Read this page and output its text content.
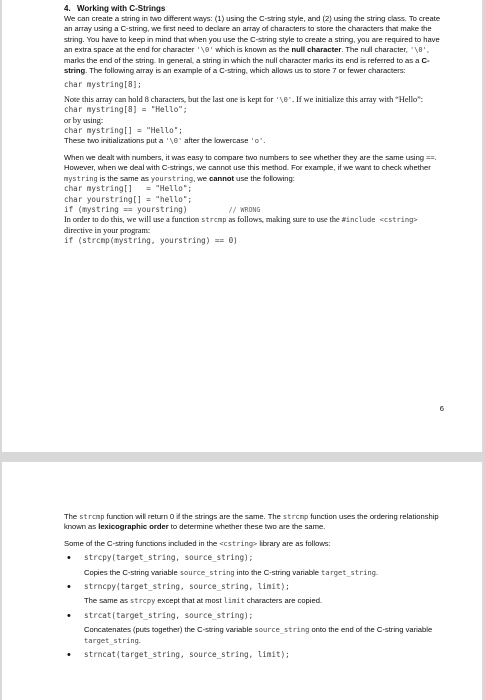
4. Working with C-Strings

We can create a string in two different ways: (1) using the C-string style, and (2) using the string class. To create an array using a C-string, we first need to declare an array of characters to store the characters that make the string. You have to keep in mind that when you use the C-string style to create a string, you are required to have an extra space at the end for character '\0' which is known as the null character. The null character, '\0', marks the end of the string. In general, a string in which the null character marks its end is referred to as a C-string. The following array is an example of a C-string, which allows us to store 7 or fewer characters:

char mystring[8];

Note this array can hold 8 characters, but the last one is kept for '\0'. If we initialize this array with “Hello”:

char mystring[8] = "Hello";

or by using:

char mystring[] = "Hello";

These two initializations put a '\0' after the lowercase 'o'.

When we dealt with numbers, it was easy to compare two numbers to see whether they are the same using ==. However, when we deal with C-strings, we cannot use this method. For example, if we want to check whether mystring is the same as yourstring, we cannot use the following:

char mystring[]   = "Hello";
char yourstring[] = "hello";
if (mystring == yourstring)	// WRONG

In order to do this, we will use a function strcmp as follows, making sure to use the #include <cstring> directive in your program:

if (strcmp(mystring, yourstring) == 0)
6

The strcmp function will return 0 if the strings are the same. The strcmp function uses the ordering relationship known as lexicographic order to determine whether these two are the same.

Some of the C-string functions included in the <cstring> library are as follows:

• strcpy(target_string, source_string);

Copies the C-string variable source_string into the C-string variable target_string.

• strncpy(target_string, source_string, limit);

The same as strcpy except that at most limit characters are copied.

• strcat(target_string, source_string);

Concatenates (puts together) the C-string variable source_string onto the end of the C-string variable target_string.

• strncat(target_string, source_string, limit);
